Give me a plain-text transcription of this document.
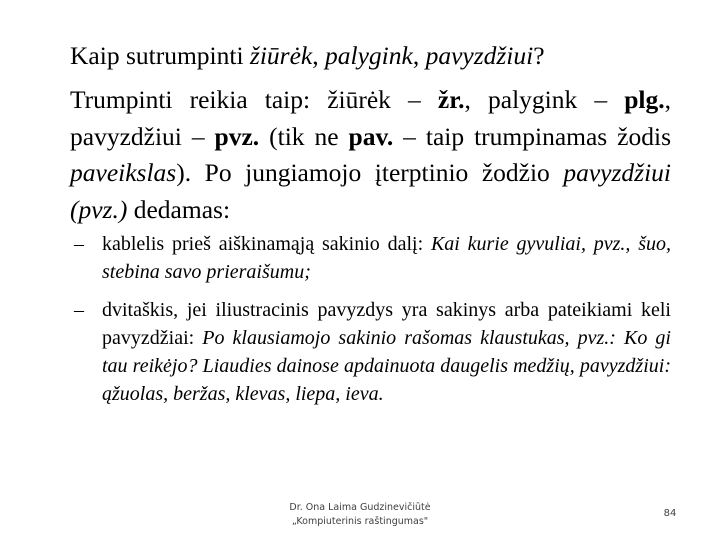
Kaip sutrumpinti žiūrėk, palygink, pavyzdžiui?
Trumpinti reikia taip: žiūrėk – žr., palygink – plg., pavyzdžiui – pvz. (tik ne pav. – taip trumpinamas žodis paveikslas). Po jungiamojo įterptinio žodžio pavyzdžiui (pvz.) dedamas:
– kablelis prieš aiškinamąją sakinio dalį: Kai kurie gyvuliai, pvz., šuo, stebina savo prieraišumu;
– dvitaškis, jei iliustracinis pavyzdys yra sakinys arba pateikiami keli pavyzdžiai: Po klausiamojo sakinio rašomas klaustukas, pvz.: Ko gi tau reikėjo? Liaudies dainose apdainuota daugelis medžių, pavyzdžiui: ąžuolas, beržas, klevas, liepa, ieva.
Dr. Ona Laima Gudzinevičiūtė
„Kompiuterinis raštingumas"
84
